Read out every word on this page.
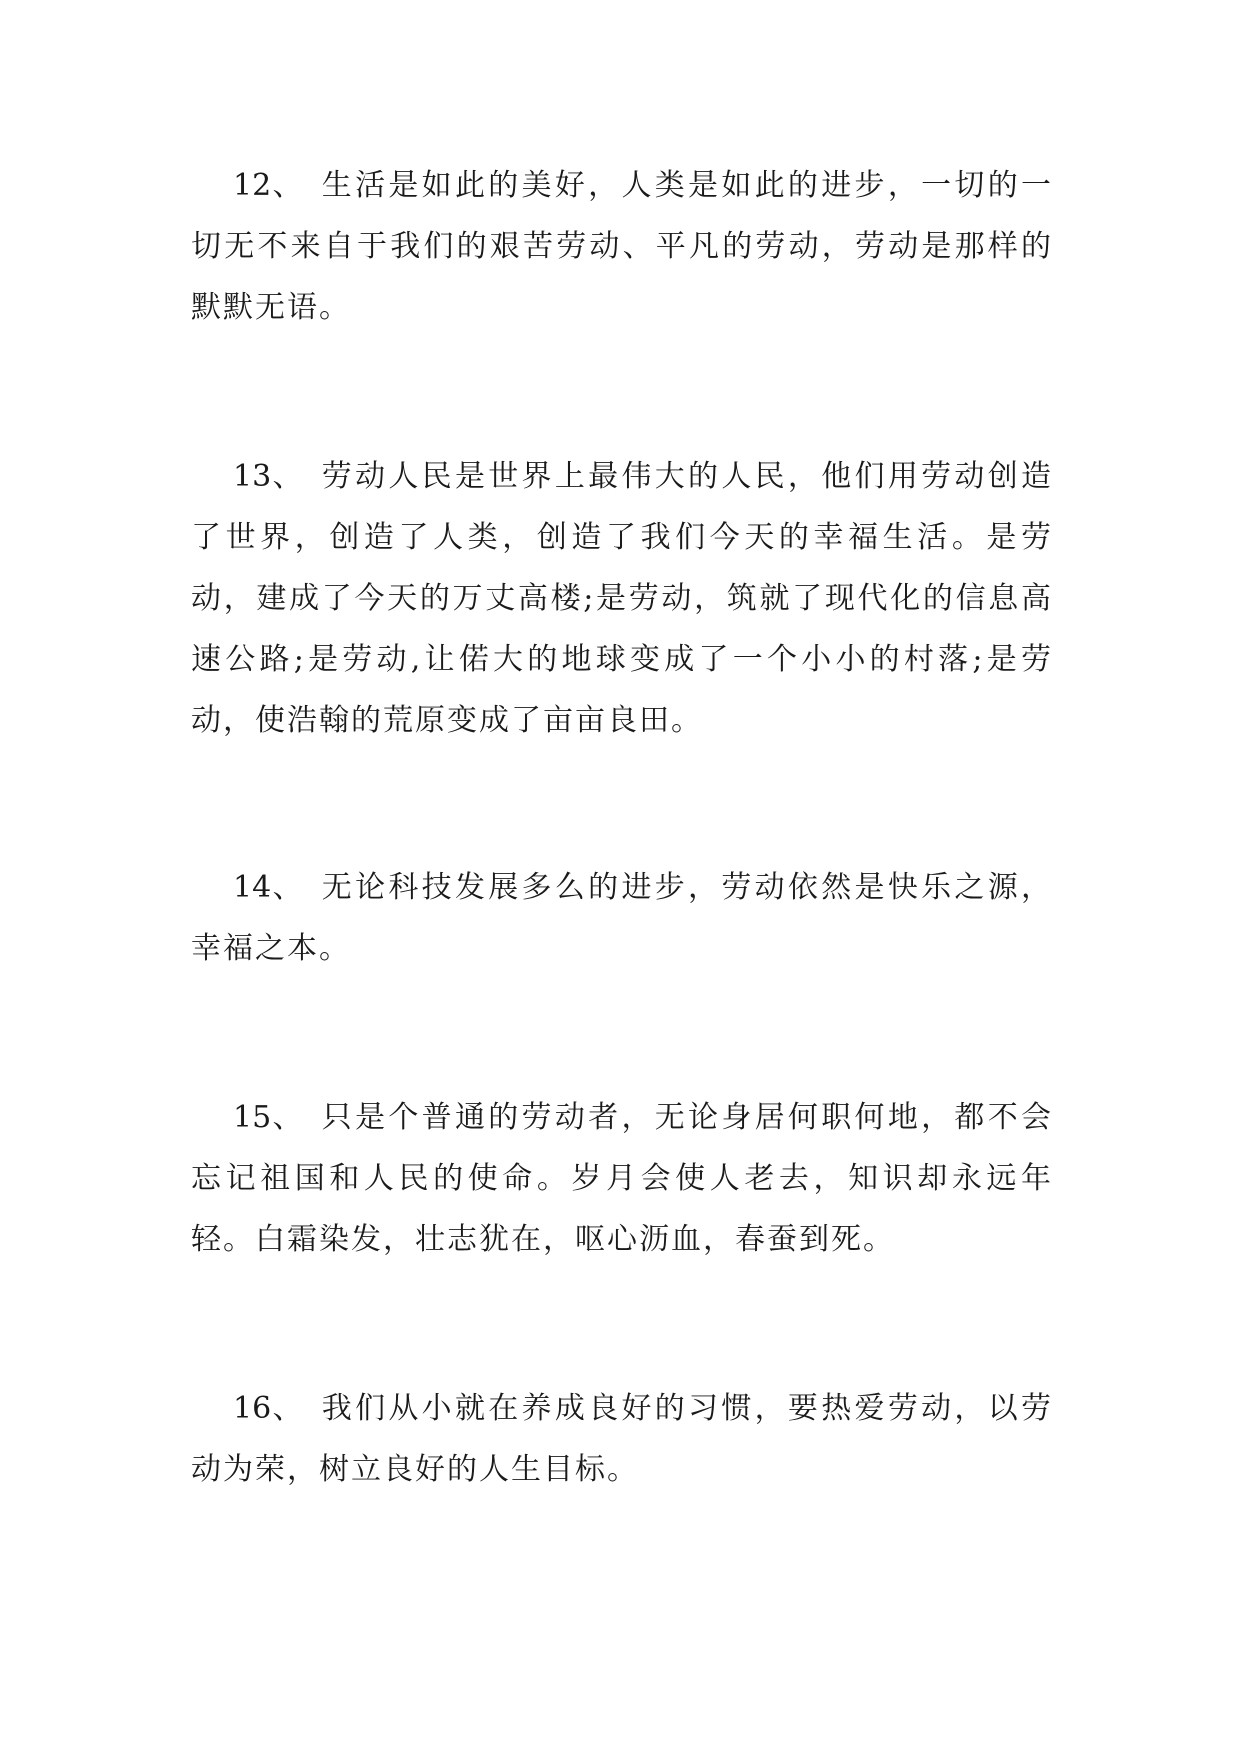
12、 生活是如此的美好，人类是如此的进步，一切的一切无不来自于我们的艰苦劳动、平凡的劳动，劳动是那样的默默无语。

13、 劳动人民是世界上最伟大的人民，他们用劳动创造了世界，创造了人类，创造了我们今天的幸福生活。是劳动，建成了今天的万丈高楼;是劳动，筑就了现代化的信息高速公路;是劳动,让偌大的地球变成了一个小小的村落;是劳动，使浩翰的荒原变成了亩亩良田。

14、 无论科技发展多么的进步，劳动依然是快乐之源，幸福之本。

15、 只是个普通的劳动者，无论身居何职何地，都不会忘记祖国和人民的使命。岁月会使人老去，知识却永远年轻。白霜染发，壮志犹在，呕心沥血，春蚕到死。

16、 我们从小就在养成良好的习惯，要热爱劳动，以劳动为荣，树立良好的人生目标。
